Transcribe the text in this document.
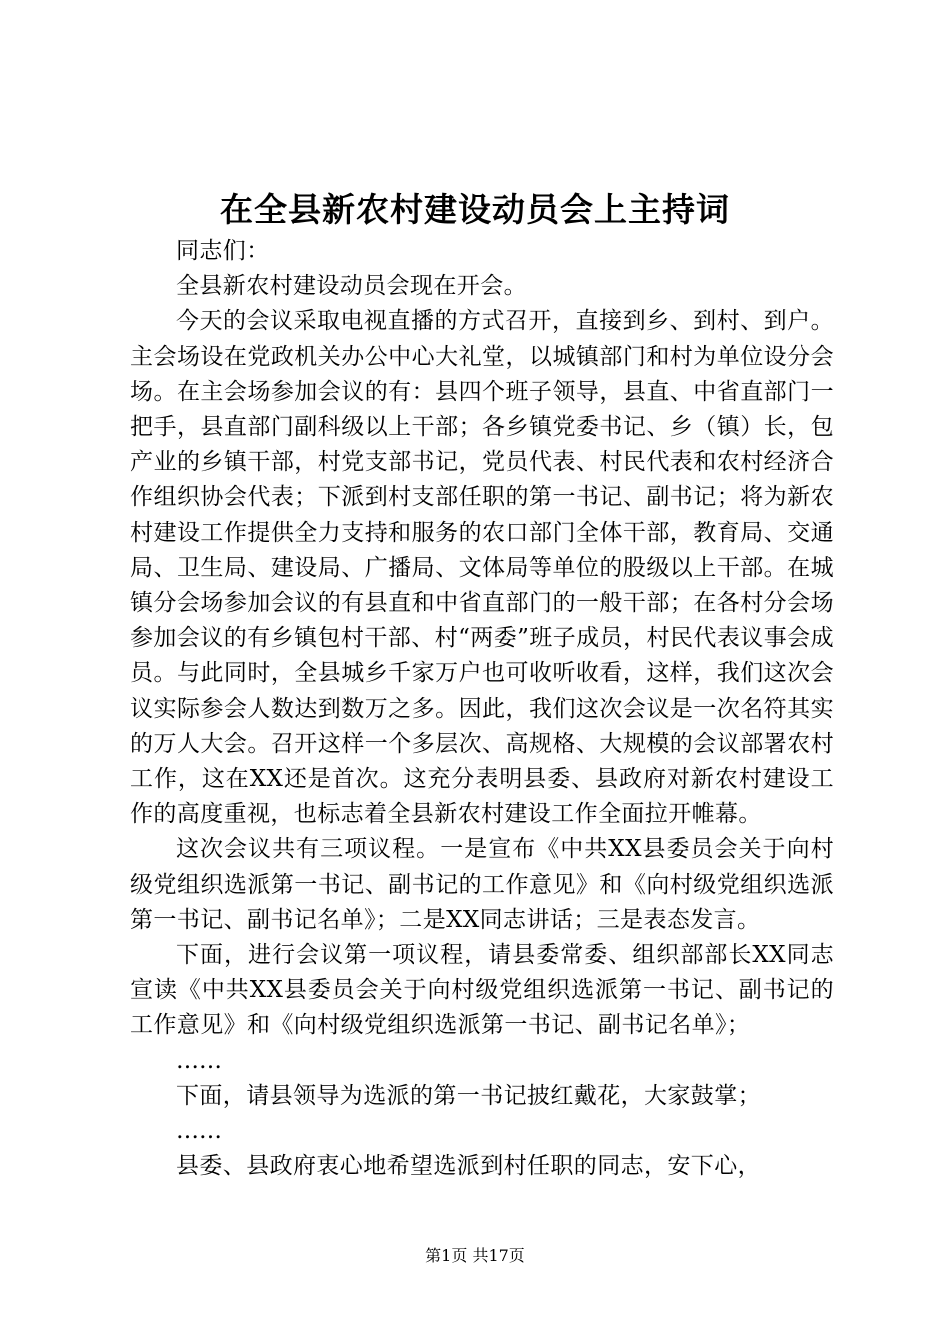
在全县新农村建设动员会上主持词

同志们：

全县新农村建设动员会现在开会。

今天的会议采取电视直播的方式召开，直接到乡、到村、到户。主会场设在党政机关办公中心大礼堂，以城镇部门和村为单位设分会场。在主会场参加会议的有：县四个班子领导，县直、中省直部门一把手，县直部门副科级以上干部；各乡镇党委书记、乡（镇）长，包产业的乡镇干部，村党支部书记，党员代表、村民代表和农村经济合作组织协会代表；下派到村支部任职的第一书记、副书记；将为新农村建设工作提供全力支持和服务的农口部门全体干部，教育局、交通局、卫生局、建设局、广播局、文体局等单位的股级以上干部。在城镇分会场参加会议的有县直和中省直部门的一般干部；在各村分会场参加会议的有乡镇包村干部、村“两委”班子成员，村民代表议事会成员。与此同时，全县城乡千家万户也可收听收看，这样，我们这次会议实际参会人数达到数万之多。因此，我们这次会议是一次名符其实的万人大会。召开这样一个多层次、高规格、大规模的会议部署农村工作，这在XX还是首次。这充分表明县委、县政府对新农村建设工作的高度重视，也标志着全县新农村建设工作全面拉开帷幕。

这次会议共有三项议程。一是宣布《中共XX县委员会关于向村级党组织选派第一书记、副书记的工作意见》和《向村级党组织选派第一书记、副书记名单》；二是XX同志讲话；三是表态发言。

下面，进行会议第一项议程，请县委常委、组织部部长XX同志宣读《中共XX县委员会关于向村级党组织选派第一书记、副书记的工作意见》和《向村级党组织选派第一书记、副书记名单》；

……

下面，请县领导为选派的第一书记披红戴花，大家鼓掌；

……

县委、县政府衷心地希望选派到村任职的同志，安下心，

第1页 共17页
